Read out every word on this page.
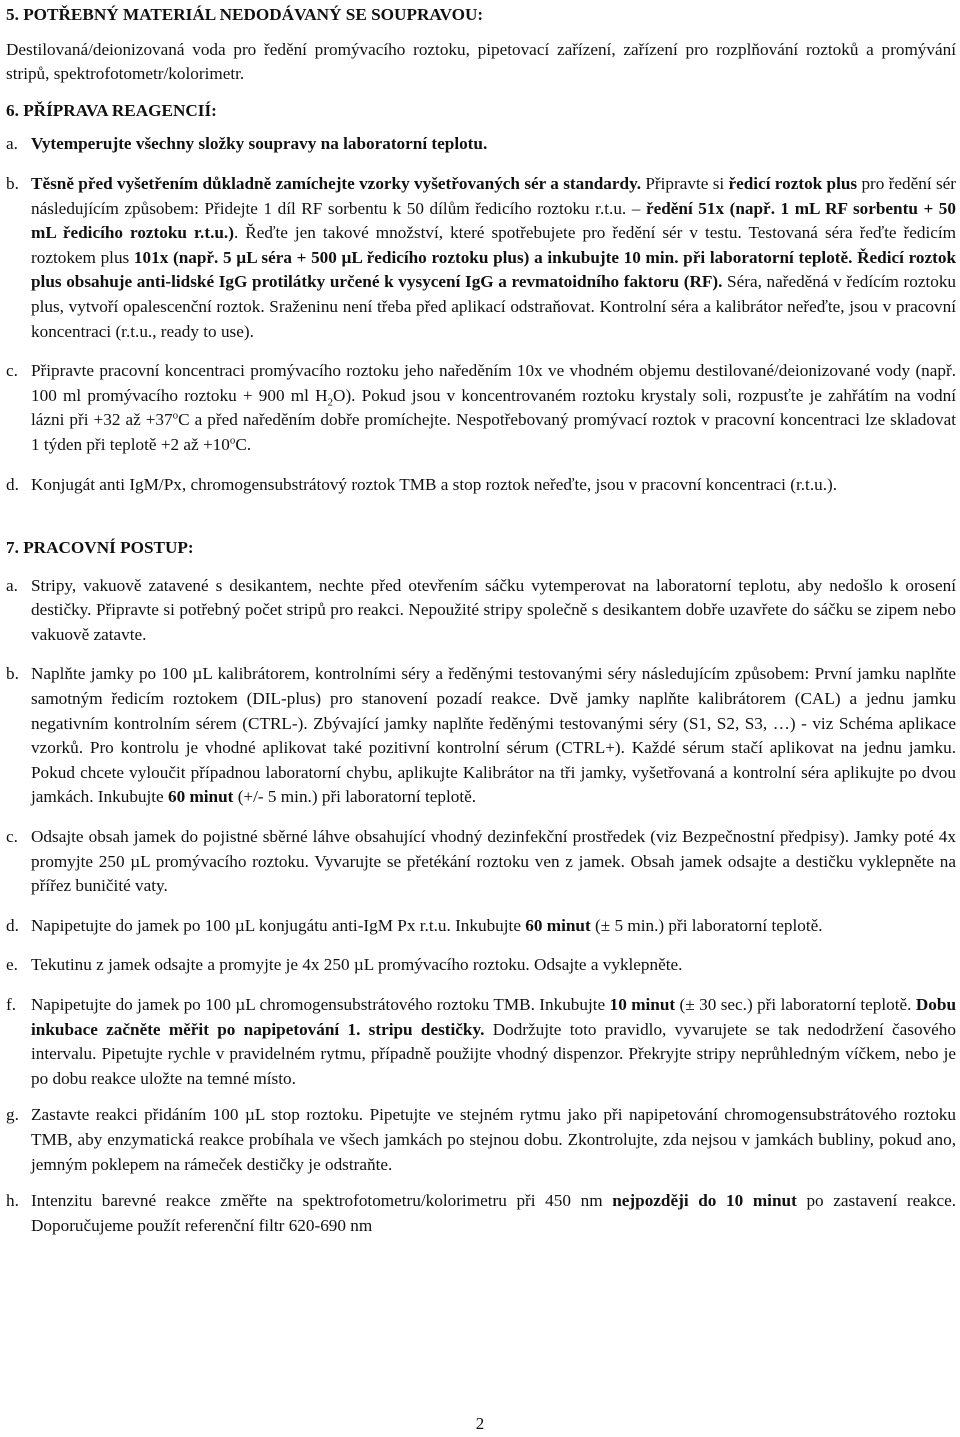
5. POTŘEBNÝ MATERIÁL NEDODÁVANÝ SE SOUPRAVOU:

Destilovaná/deionizovaná voda pro ředění promývacího roztoku, pipetovací zařízení, zařízení pro rozplňování roztoků a promývání stripů, spektrofotometr/kolorimetr.

6. PŘÍPRAVA REAGENCIÍ:

a. Vytemperujte všechny složky soupravy na laboratorní teplotu.
b. Těsně před vyšetřením důkladně zamíchejte vzorky vyšetřovaných sér a standardy. Připravte si ředicí roztok plus pro ředění sér následujícím způsobem: Přidejte 1 díl RF sorbentu k 50 dílům ředicího roztoku r.t.u. – ředění 51x (např. 1 mL RF sorbentu + 50 mL ředicího roztoku r.t.u.). Řeďte jen takové množství, které spotřebujete pro ředění sér v testu. Testovaná séra řeďte ředicím roztokem plus 101x (např. 5 µL séra + 500 µL ředicího roztoku plus) a inkubujte 10 min. při laboratorní teplotě. Ředicí roztok plus obsahuje anti-lidské IgG protilátky určené k vysycení IgG a revmatoidního faktoru (RF). Séra, naředěná v ředícím roztoku plus, vytvoří opalescenční roztok. Sraženinu není třeba před aplikací odstraňovat. Kontrolní séra a kalibrátor neřeďte, jsou v pracovní koncentraci (r.t.u., ready to use).
c. Připravte pracovní koncentraci promývacího roztoku jeho naředěním 10x ve vhodném objemu destilované/deionizované vody (např. 100 ml promývacího roztoku + 900 ml $H_2O$). Pokud jsou v koncentrovaném roztoku krystaly soli, rozpusťte je zahřátím na vodní lázni při +32 až $+37^oC$ a před naředěním dobře promíchejte. Nespotřebovaný promývací roztok v pracovní koncentraci lze skladovat 1 týden při teplotě +2 až $+10^oC$.
d. Konjugát anti IgM/Px, chromogensubstrátový roztok TMB a stop roztok neřeďte, jsou v pracovní koncentraci (r.t.u.).

7. PRACOVNÍ POSTUP:

a. Stripy, vakuově zatavené s desikantem, nechte před otevřením sáčku vytemperovat na laboratorní teplotu, aby nedošlo k orosení destičky. Připravte si potřebný počet stripů pro reakci. Nepoužité stripy společně s desikantem dobře uzavřete do sáčku se zipem nebo vakuově zatavte.
b. Naplňte jamky po 100 µL kalibrátorem, kontrolními séry a ředěnými testovanými séry následujícím způsobem: První jamku naplňte samotným ředicím roztokem (DIL-plus) pro stanovení pozadí reakce. Dvě jamky naplňte kalibrátorem (CAL) a jednu jamku negativním kontrolním sérem (CTRL-). Zbývající jamky naplňte ředěnými testovanými séry (S1, S2, S3, …) - viz Schéma aplikace vzorků. Pro kontrolu je vhodné aplikovat také pozitivní kontrolní sérum (CTRL+). Každé sérum stačí aplikovat na jednu jamku. Pokud chcete vyloučit případnou laboratorní chybu, aplikujte Kalibrátor na tři jamky, vyšetřovaná a kontrolní séra aplikujte po dvou jamkách. Inkubujte 60 minut (+/- 5 min.) při laboratorní teplotě.
c. Odsajte obsah jamek do pojistné sběrné láhve obsahující vhodný dezinfekční prostředek (viz Bezpečnostní předpisy). Jamky poté 4x promyjte 250 µL promývacího roztoku. Vyvarujte se přetékání roztoku ven z jamek. Obsah jamek odsajte a destičku vyklepněte na přířez buničité vaty.
d. Napipetujte do jamek po 100 µL konjugátu anti-IgM Px r.t.u. Inkubujte 60 minut (± 5 min.) při laboratorní teplotě.
e. Tekutinu z jamek odsajte a promyjte je 4x 250 µL promývacího roztoku. Odsajte a vyklepněte.
f. Napipetujte do jamek po 100 µL chromogensubstrátového roztoku TMB. Inkubujte 10 minut (± 30 sec.) při laboratorní teplotě. Dobu inkubace začněte měřit po napipetování 1. stripu destičky. Dodržujte toto pravidlo, vyvarujete se tak nedodržení časového intervalu. Pipetujte rychle v pravidelném rytmu, případně použijte vhodný dispenzor. Překryjte stripy neprůhledným víčkem, nebo je po dobu reakce uložte na temné místo.
g. Zastavte reakci přidáním 100 µL stop roztoku. Pipetujte ve stejném rytmu jako při napipetování chromogensubstrátového roztoku TMB, aby enzymatická reakce probíhala ve všech jamkách po stejnou dobu. Zkontrolujte, zda nejsou v jamkách bubliny, pokud ano, jemným poklepem na rámeček destičky je odstraňte.
h. Intenzitu barevné reakce změřte na spektrofotometru/kolorimetru při 450 nm nejpozději do 10 minut po zastavení reakce. Doporučujeme použít referenční filtr 620-690 nm
2
